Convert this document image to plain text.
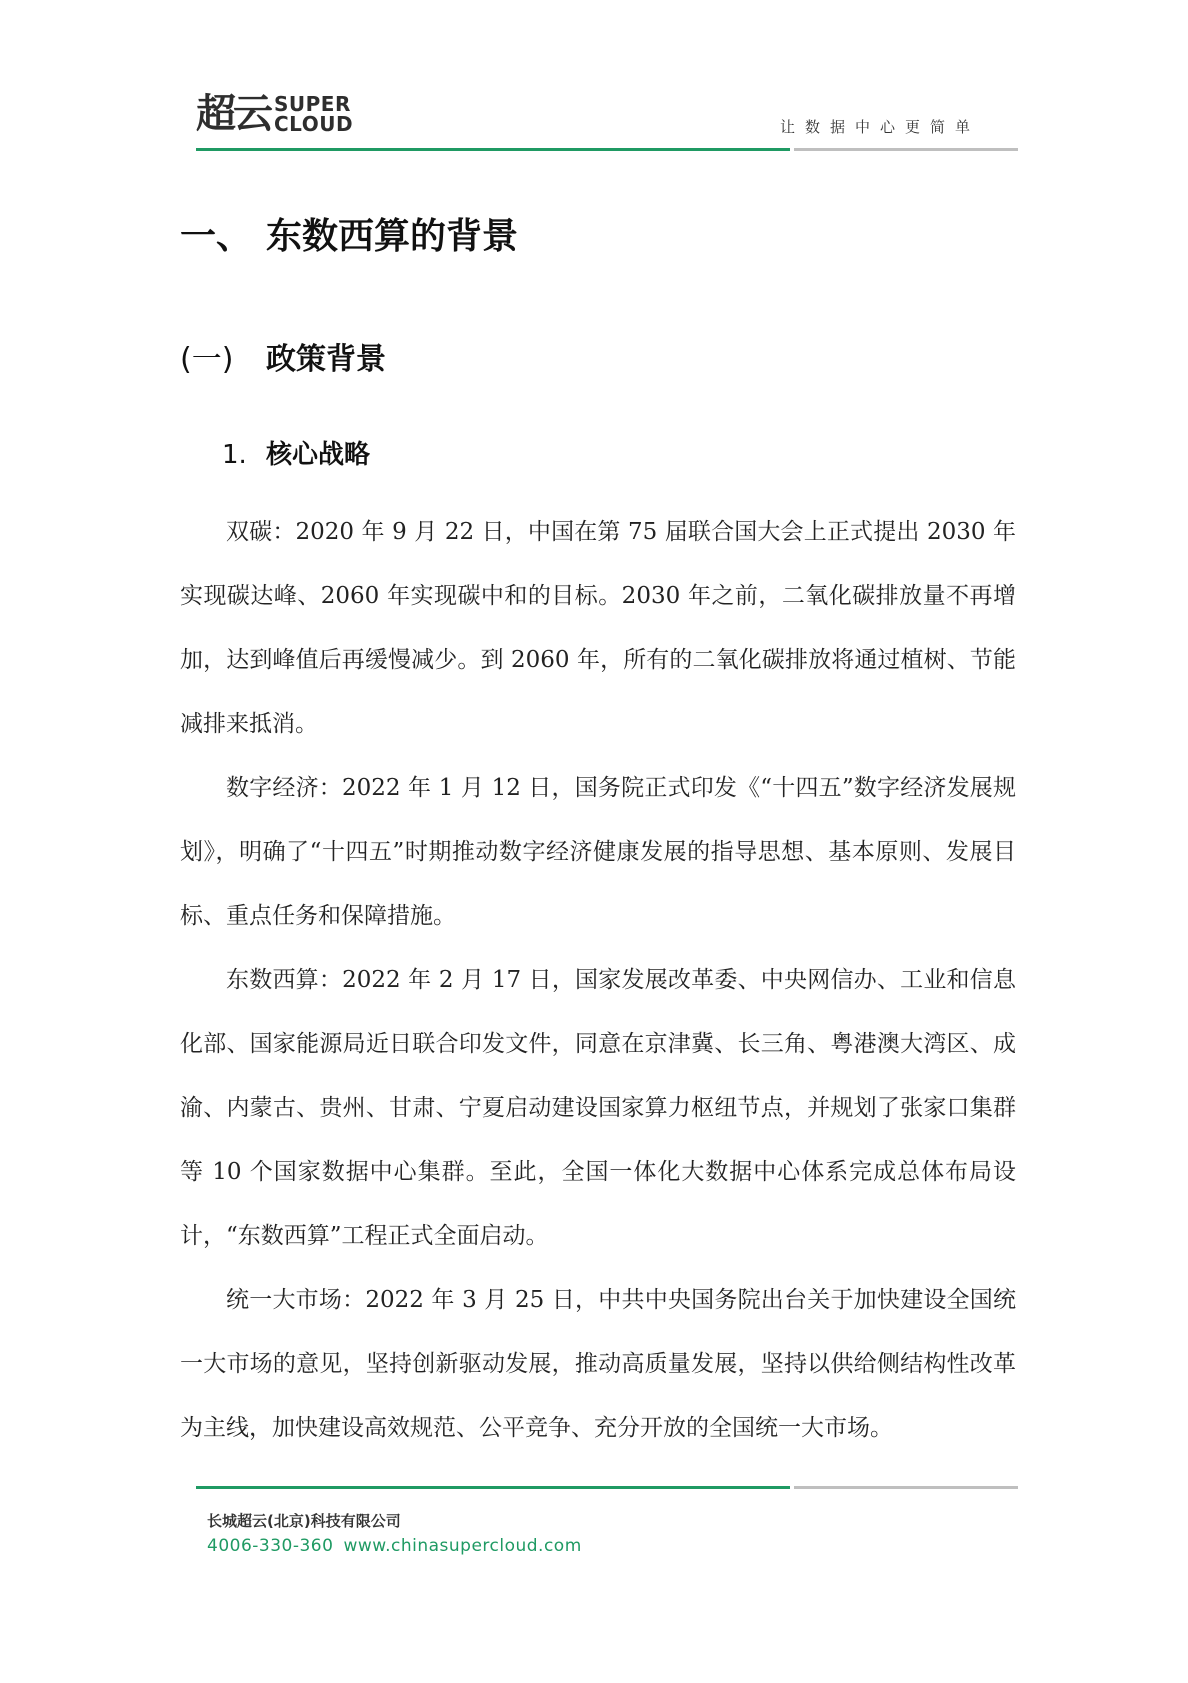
超云 SUPER
CLOUD	让数据中心更简单
一、 东数西算的背景
(一) 政策背景
1. 核心战略

双碳：2020 年 9 月 22 日，中国在第 75 届联合国大会上正式提出 2030 年实现碳达峰、2060 年实现碳中和的目标。2030 年之前，二氧化碳排放量不再增加，达到峰值后再缓慢减少。到 2060 年，所有的二氧化碳排放将通过植树、节能减排来抵消。

数字经济：2022 年 1 月 12 日，国务院正式印发《“十四五”数字经济发展规划》，明确了“十四五”时期推动数字经济健康发展的指导思想、基本原则、发展目标、重点任务和保障措施。

东数西算：2022 年 2 月 17 日，国家发展改革委、中央网信办、工业和信息化部、国家能源局近日联合印发文件，同意在京津冀、长三角、粤港澳大湾区、成渝、内蒙古、贵州、甘肃、宁夏启动建设国家算力枢纽节点，并规划了张家口集群等 10 个国家数据中心集群。至此，全国一体化大数据中心体系完成总体布局设计，“东数西算”工程正式全面启动。

统一大市场：2022 年 3 月 25 日，中共中央国务院出台关于加快建设全国统一大市场的意见，坚持创新驱动发展，推动高质量发展，坚持以供给侧结构性改革为主线，加快建设高效规范、公平竞争、充分开放的全国统一大市场。

长城超云(北京)科技有限公司
4006-330-360 www.chinasupercloud.com
